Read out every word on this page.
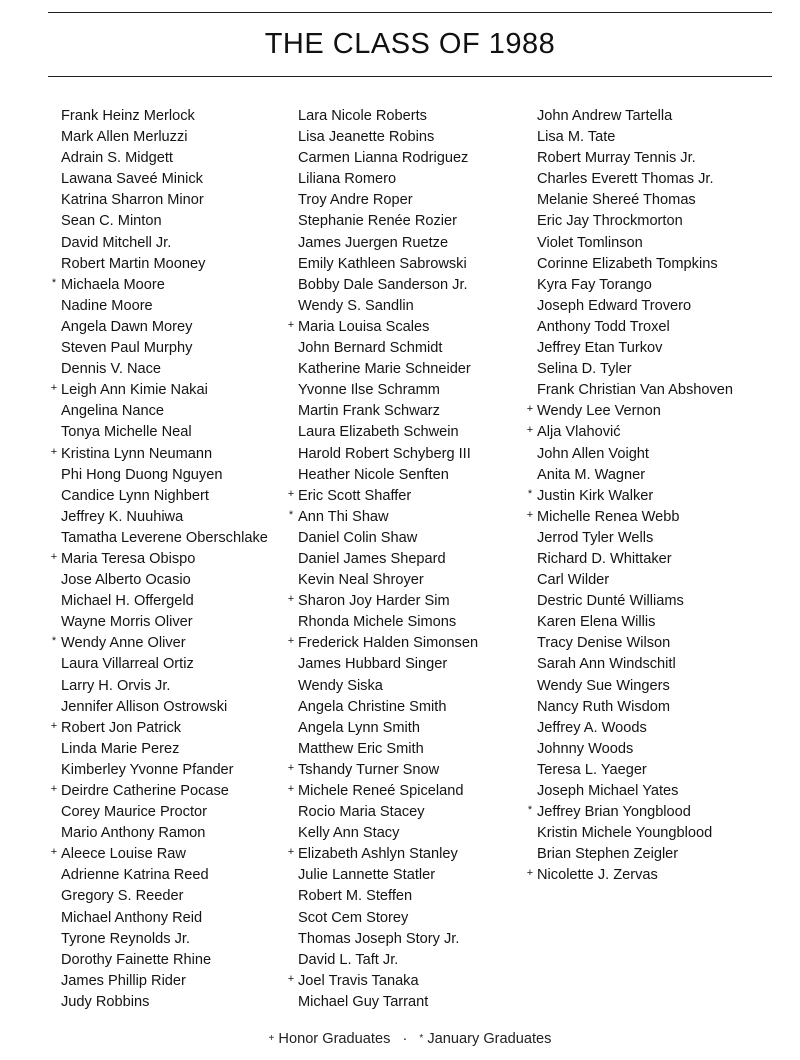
THE CLASS OF 1988
Frank Heinz Merlock
Mark Allen Merluzzi
Adrain S. Midgett
Lawana Saveé Minick
Katrina Sharron Minor
Sean C. Minton
David Mitchell Jr.
Robert Martin Mooney
* Michaela Moore
Nadine Moore
Angela Dawn Morey
Steven Paul Murphy
Dennis V. Nace
+ Leigh Ann Kimie Nakai
Angelina Nance
Tonya Michelle Neal
+ Kristina Lynn Neumann
Phi Hong Duong Nguyen
Candice Lynn Nighbert
Jeffrey K. Nuuhiwa
Tamatha Leverene Oberschlake
+ Maria Teresa Obispo
Jose Alberto Ocasio
Michael H. Offergeld
Wayne Morris Oliver
* Wendy Anne Oliver
Laura Villarreal Ortiz
Larry H. Orvis Jr.
Jennifer Allison Ostrowski
+ Robert Jon Patrick
Linda Marie Perez
Kimberley Yvonne Pfander
+ Deirdre Catherine Pocase
Corey Maurice Proctor
Mario Anthony Ramon
+ Aleece Louise Raw
Adrienne Katrina Reed
Gregory S. Reeder
Michael Anthony Reid
Tyrone Reynolds Jr.
Dorothy Fainette Rhine
James Phillip Rider
Judy Robbins
Lara Nicole Roberts
Lisa Jeanette Robins
Carmen Lianna Rodriguez
Liliana Romero
Troy Andre Roper
Stephanie Renée Rozier
James Juergen Ruetze
Emily Kathleen Sabrowski
Bobby Dale Sanderson Jr.
Wendy S. Sandlin
+ Maria Louisa Scales
John Bernard Schmidt
Katherine Marie Schneider
Yvonne Ilse Schramm
Martin Frank Schwarz
Laura Elizabeth Schwein
Harold Robert Schyberg III
Heather Nicole Senften
+ Eric Scott Shaffer
* Ann Thi Shaw
Daniel Colin Shaw
Daniel James Shepard
Kevin Neal Shroyer
+ Sharon Joy Harder Sim
Rhonda Michele Simons
+ Frederick Halden Simonsen
James Hubbard Singer
Wendy Siska
Angela Christine Smith
Angela Lynn Smith
Matthew Eric Smith
+ Tshandy Turner Snow
+ Michele Reneé Spiceland
Rocio Maria Stacey
Kelly Ann Stacy
+ Elizabeth Ashlyn Stanley
Julie Lannette Statler
Robert M. Steffen
Scot Cem Storey
Thomas Joseph Story Jr.
David L. Taft Jr.
+ Joel Travis Tanaka
Michael Guy Tarrant
John Andrew Tartella
Lisa M. Tate
Robert Murray Tennis Jr.
Charles Everett Thomas Jr.
Melanie Shereé Thomas
Eric Jay Throckmorton
Violet Tomlinson
Corinne Elizabeth Tompkins
Kyra Fay Torango
Joseph Edward Trovero
Anthony Todd Troxel
Jeffrey Etan Turkov
Selina D. Tyler
Frank Christian Van Abshoven
+ Wendy Lee Vernon
+ Alja Vlahović
John Allen Voight
Anita M. Wagner
* Justin Kirk Walker
+ Michelle Renea Webb
Jerrod Tyler Wells
Richard D. Whittaker
Carl Wilder
Destric Dunté Williams
Karen Elena Willis
Tracy Denise Wilson
Sarah Ann Windschitl
Wendy Sue Wingers
Nancy Ruth Wisdom
Jeffrey A. Woods
Johnny Woods
Teresa L. Yaeger
Joseph Michael Yates
* Jeffrey Brian Yongblood
Kristin Michele Youngblood
Brian Stephen Zeigler
+ Nicolette J. Zervas
+ Honor Graduates · * January Graduates
